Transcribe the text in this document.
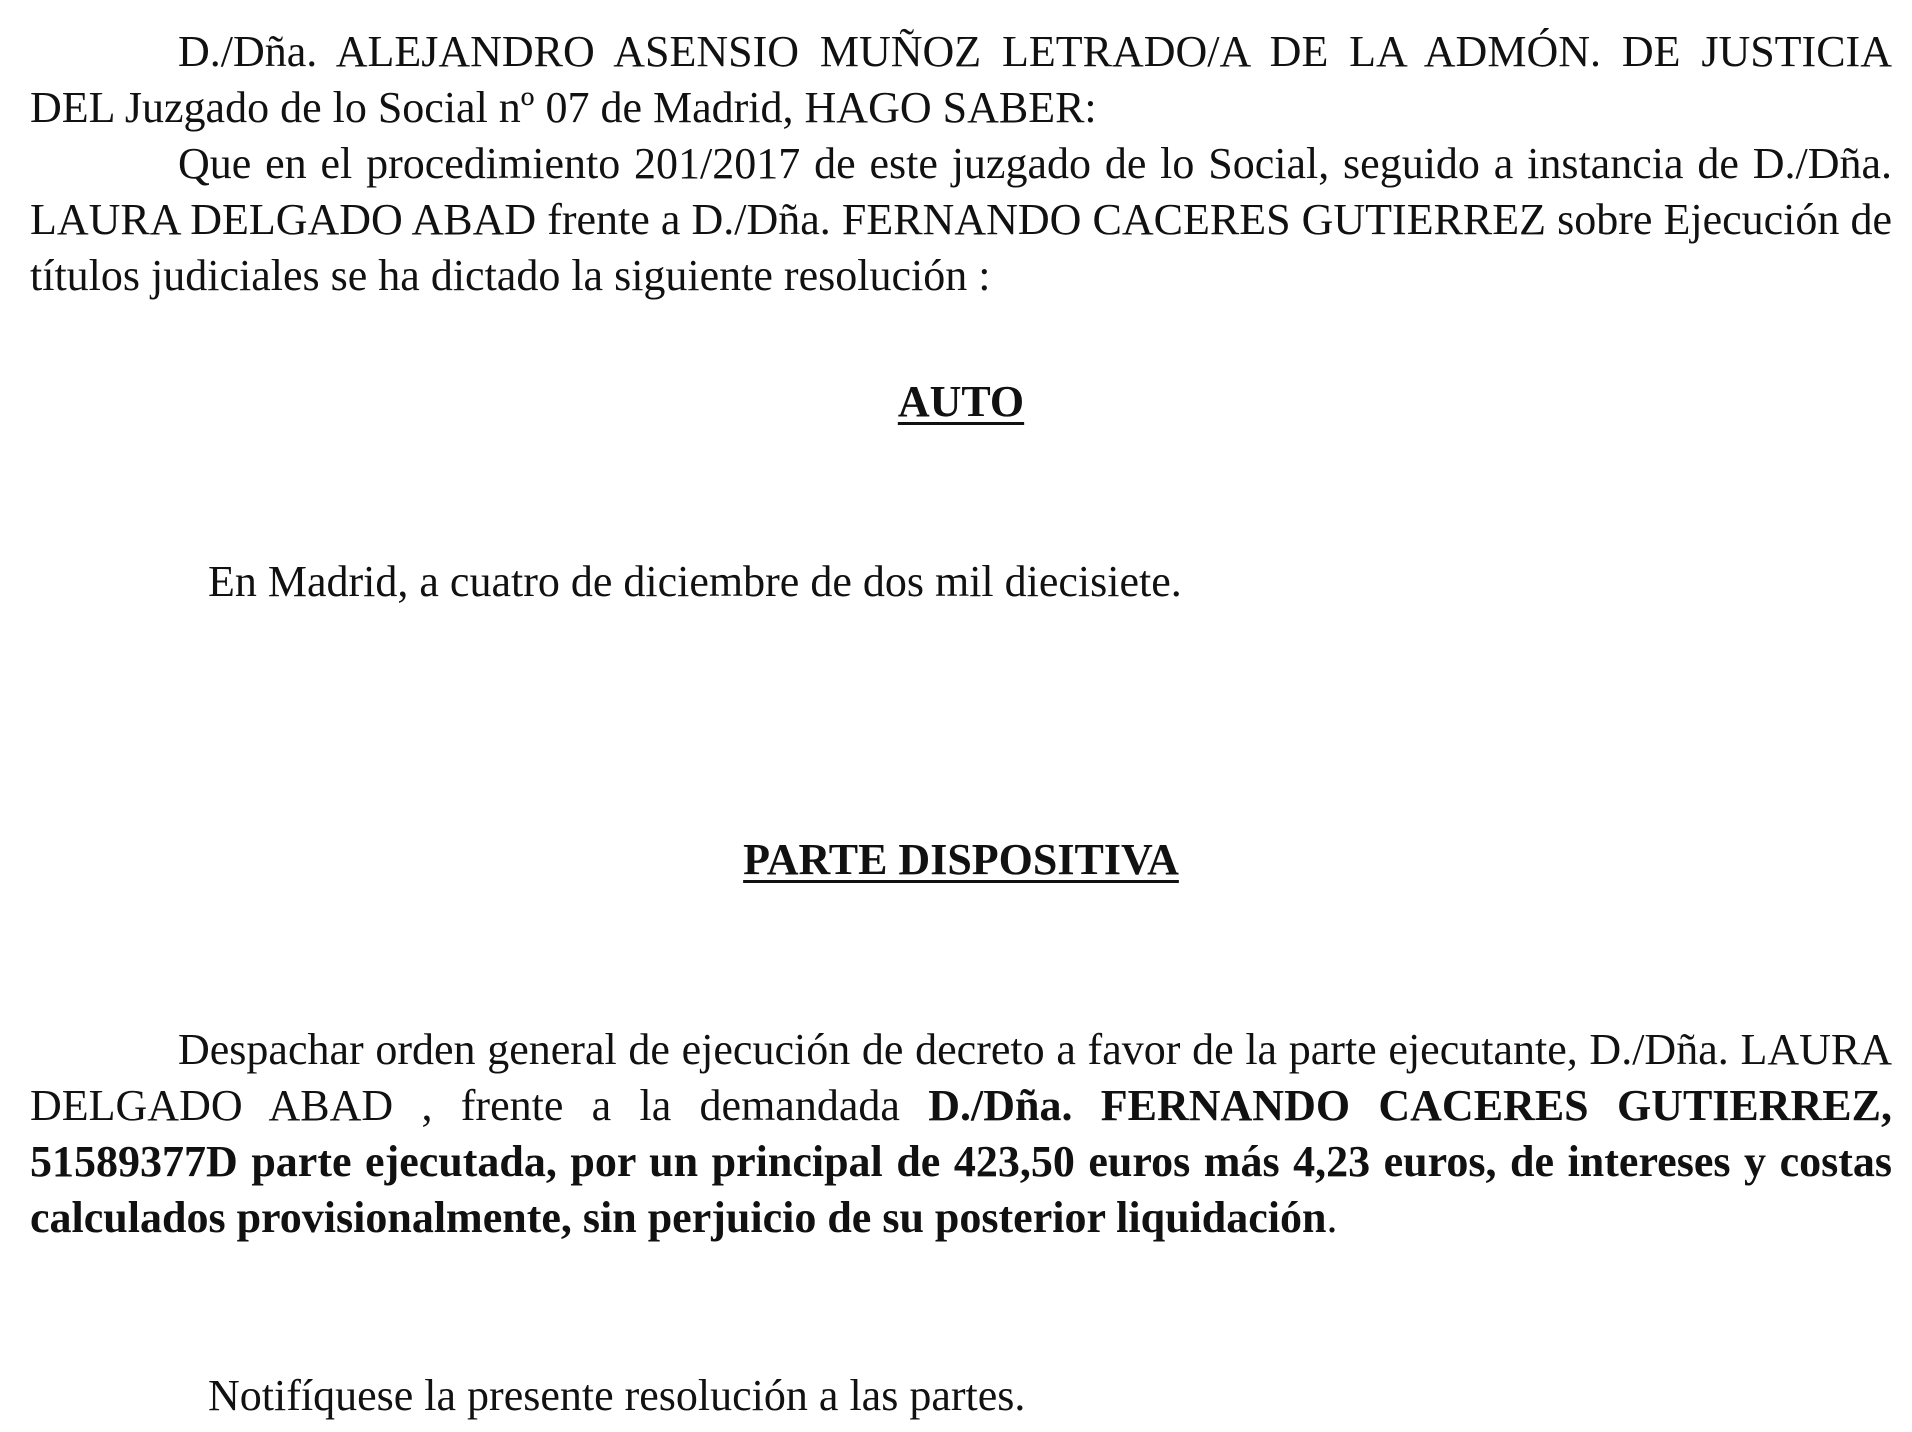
D./Dña. ALEJANDRO ASENSIO MUÑOZ LETRADO/A DE LA ADMÓN. DE JUSTICIA DEL Juzgado de lo Social nº 07 de Madrid, HAGO SABER:

Que en el procedimiento 201/2017 de este juzgado de lo Social, seguido a instancia de D./Dña. LAURA DELGADO ABAD frente a D./Dña. FERNANDO CACERES GUTIERREZ sobre Ejecución de títulos judiciales se ha dictado la siguiente resolución :

AUTO

En Madrid, a cuatro de diciembre de dos mil diecisiete.

PARTE DISPOSITIVA

Despachar orden general de ejecución de decreto a favor de la parte ejecutante, D./Dña. LAURA DELGADO ABAD , frente a la demandada D./Dña. FERNANDO CACERES GUTIERREZ, 51589377D parte ejecutada, por un principal de 423,50 euros más 4,23 euros, de intereses y costas calculados provisionalmente, sin perjuicio de su posterior liquidación.

Notifíquese la presente resolución a las partes.
